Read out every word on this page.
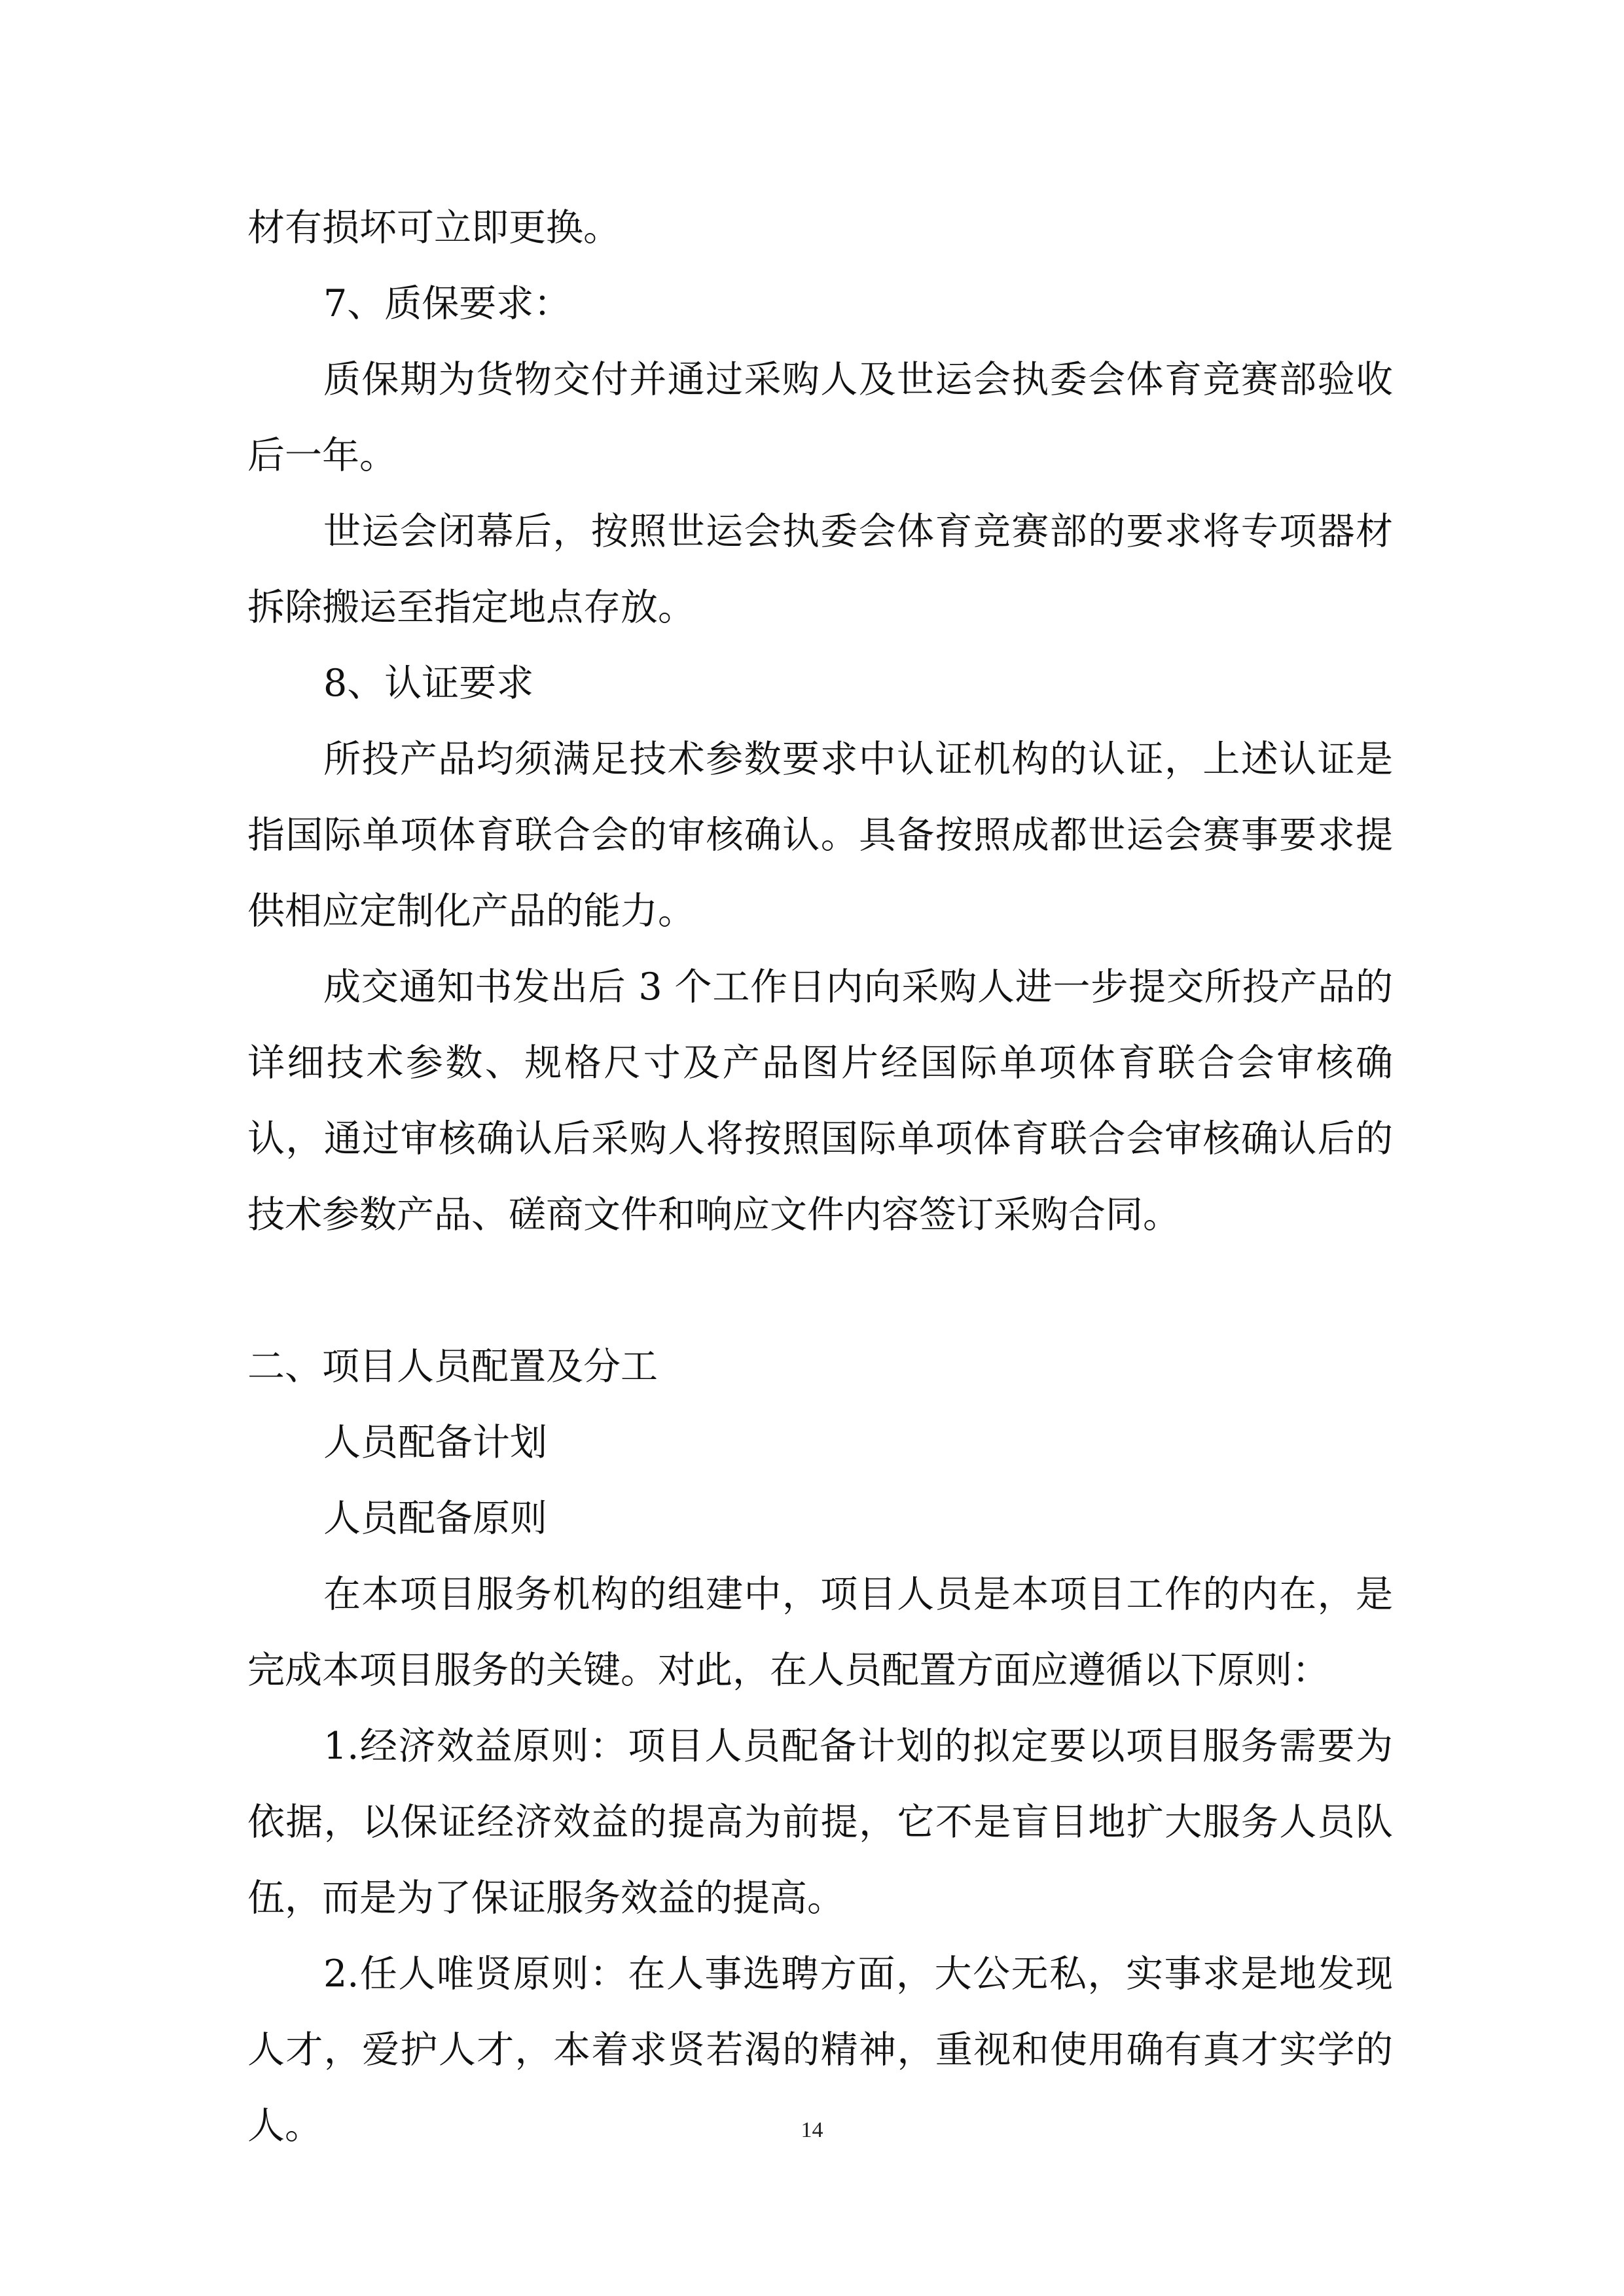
材有损坏可立即更换。

7、质保要求：

质保期为货物交付并通过采购人及世运会执委会体育竞赛部验收后一年。

世运会闭幕后，按照世运会执委会体育竞赛部的要求将专项器材拆除搬运至指定地点存放。

8、认证要求

所投产品均须满足技术参数要求中认证机构的认证，上述认证是指国际单项体育联合会的审核确认。具备按照成都世运会赛事要求提供相应定制化产品的能力。

成交通知书发出后 3 个工作日内向采购人进一步提交所投产品的详细技术参数、规格尺寸及产品图片经国际单项体育联合会审核确认，通过审核确认后采购人将按照国际单项体育联合会审核确认后的技术参数产品、磋商文件和响应文件内容签订采购合同。

二、项目人员配置及分工

人员配备计划

人员配备原则

在本项目服务机构的组建中，项目人员是本项目工作的内在，是完成本项目服务的关键。对此，在人员配置方面应遵循以下原则：

1.经济效益原则：项目人员配备计划的拟定要以项目服务需要为依据，以保证经济效益的提高为前提，它不是盲目地扩大服务人员队伍，而是为了保证服务效益的提高。

2.任人唯贤原则：在人事选聘方面，大公无私，实事求是地发现人才，爱护人才，本着求贤若渴的精神，重视和使用确有真才实学的人。	14
